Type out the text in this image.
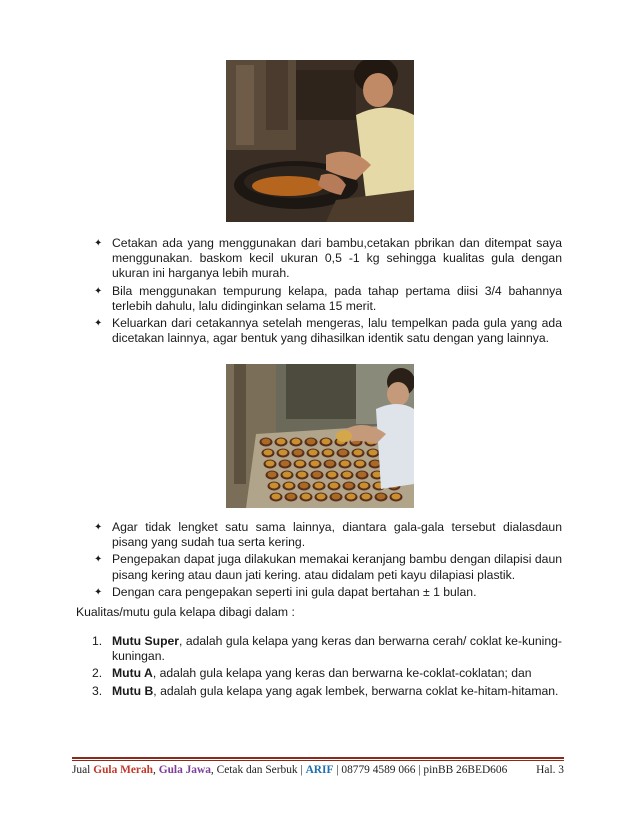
✦ Cetakan ada yang menggunakan dari bambu,cetakan pbrikan dan ditempat saya menggunakan. baskom kecil ukuran 0,5 -1 kg sehingga kualitas gula dengan ukuran ini harganya lebih murah.
✦ Bila menggunakan tempurung kelapa, pada tahap pertama diisi 3/4 bahannya terlebih dahulu, lalu didinginkan selama 15 merit.
✦ Keluarkan dari cetakannya setelah mengeras, lalu tempelkan pada gula yang ada dicetakan lainnya, agar bentuk yang dihasilkan identik satu dengan yang lainnya.
✦ Agar tidak lengket satu sama lainnya, diantara gala-gala tersebut dialasdaun pisang yang sudah tua serta kering.
✦ Pengepakan dapat juga dilakukan memakai keranjang bambu dengan dilapisi daun pisang kering atau daun jati kering. atau didalam peti kayu dilapiasi plastik.
✦ Dengan cara pengepakan seperti ini gula dapat bertahan ± 1 bulan.
Kualitas/mutu gula kelapa dibagi dalam :
1. Mutu Super, adalah gula kelapa yang keras dan berwarna cerah/ coklat ke-kuning-kuningan.
2. Mutu A, adalah gula kelapa yang keras dan berwarna ke-coklat-coklatan; dan
3. Mutu B, adalah gula kelapa yang agak lembek, berwarna coklat ke-hitam-hitaman.
Jual Gula Merah, Gula Jawa, Cetak dan Serbuk | ARIF | 08779 4589 066 | pinBB 26BED606	Hal. 3
